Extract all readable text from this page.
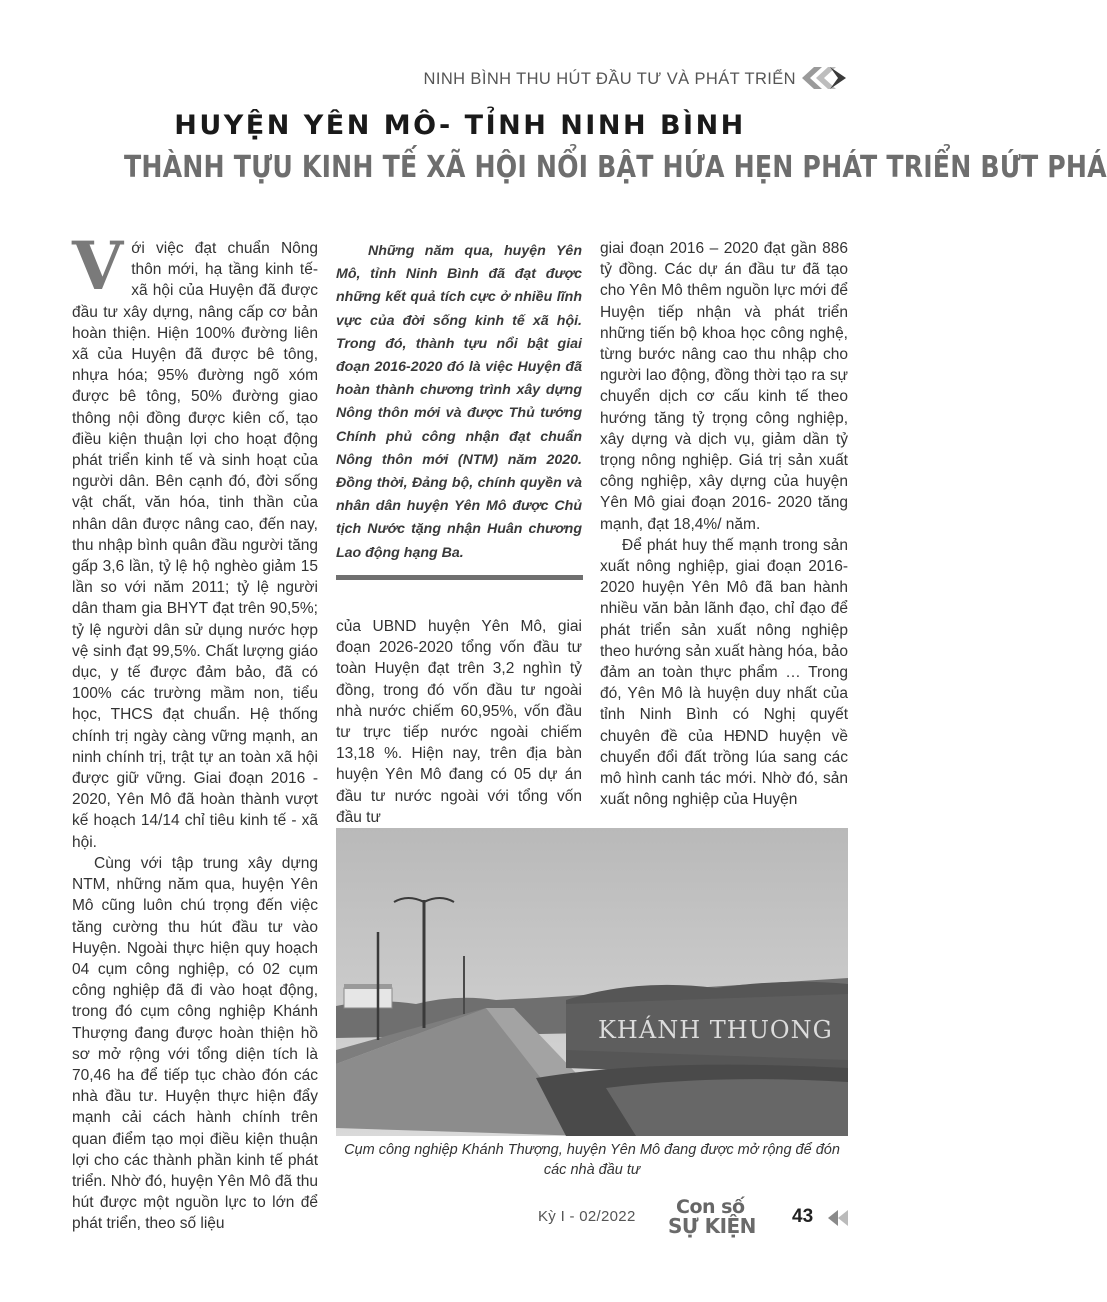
NINH BÌNH THU HÚT ĐẦU TƯ VÀ PHÁT TRIỂN
HUYỆN YÊN MÔ- TỈNH NINH BÌNH
THÀNH TỰU KINH TẾ XÃ HỘI NỔI BẬT HỨA HẸN PHÁT TRIỂN BỨT PHÁ

Với việc đạt chuẩn Nông thôn mới, hạ tầng kinh tế-xã hội của Huyện đã được đầu tư xây dựng, nâng cấp cơ bản hoàn thiện. Hiện 100% đường liên xã của Huyện đã được bê tông, nhựa hóa; 95% đường ngõ xóm được bê tông, 50% đường giao thông nội đồng được kiên cố, tạo điều kiện thuận lợi cho hoạt động phát triển kinh tế và sinh hoạt của người dân. Bên cạnh đó, đời sống vật chất, văn hóa, tinh thần của nhân dân được nâng cao, đến nay, thu nhập bình quân đầu người tăng gấp 3,6 lần, tỷ lệ hộ nghèo giảm 15 lần so với năm 2011; tỷ lệ người dân tham gia BHYT đạt trên 90,5%; tỷ lệ người dân sử dụng nước hợp vệ sinh đạt 99,5%. Chất lượng giáo dục, y tế được đảm bảo, đã có 100% các trường mầm non, tiểu học, THCS đạt chuẩn. Hệ thống chính trị ngày càng vững mạnh, an ninh chính trị, trật tự an toàn xã hội được giữ vững. Giai đoạn 2016 - 2020, Yên Mô đã hoàn thành vượt kế hoạch 14/14 chỉ tiêu kinh tế - xã hội.

Cùng với tập trung xây dựng NTM, những năm qua, huyện Yên Mô cũng luôn chú trọng đến việc tăng cường thu hút đầu tư vào Huyện. Ngoài thực hiện quy hoạch 04 cụm công nghiệp, có 02 cụm công nghiệp đã đi vào hoạt động, trong đó cụm công nghiệp Khánh Thượng đang được hoàn thiện hồ sơ mở rộng với tổng diện tích là 70,46 ha để tiếp tục chào đón các nhà đầu tư. Huyện thực hiện đẩy mạnh cải cách hành chính trên quan điểm tạo mọi điều kiện thuận lợi cho các thành phần kinh tế phát triển. Nhờ đó, huyện Yên Mô đã thu hút được một nguồn lực to lớn để phát triển, theo số liệu

Những năm qua, huyện Yên Mô, tỉnh Ninh Bình đã đạt được những kết quả tích cực ở nhiều lĩnh vực của đời sống kinh tế xã hội. Trong đó, thành tựu nổi bật giai đoạn 2016-2020 đó là việc Huyện đã hoàn thành chương trình xây dựng Nông thôn mới và được Thủ tướng Chính phủ công nhận đạt chuẩn Nông thôn mới (NTM) năm 2020. Đồng thời, Đảng bộ, chính quyền và nhân dân huyện Yên Mô được Chủ tịch Nước tặng nhận Huân chương Lao động hạng Ba.

của UBND huyện Yên Mô, giai đoạn 2026-2020 tổng vốn đầu tư toàn Huyện đạt trên 3,2 nghìn tỷ đồng, trong đó vốn đầu tư ngoài nhà nước chiếm 60,95%, vốn đầu tư trực tiếp nước ngoài chiếm 13,18 %. Hiện nay, trên địa bàn huyện Yên Mô đang có 05 dự án đầu tư nước ngoài với tổng vốn đầu tư

giai đoạn 2016 – 2020 đạt gần 886 tỷ đồng. Các dự án đầu tư đã tạo cho Yên Mô thêm nguồn lực mới để Huyện tiếp nhận và phát triển những tiến bộ khoa học công nghệ, từng bước nâng cao thu nhập cho người lao động, đồng thời tạo ra sự chuyển dịch cơ cấu kinh tế theo hướng tăng tỷ trọng công nghiệp, xây dựng và dịch vụ, giảm dần tỷ trọng nông nghiệp. Giá trị sản xuất công nghiệp, xây dựng của huyện Yên Mô giai đoạn 2016- 2020 tăng mạnh, đạt 18,4%/ năm.

Để phát huy thế mạnh trong sản xuất nông nghiệp, giai đoạn 2016- 2020 huyện Yên Mô đã ban hành nhiều văn bản lãnh đạo, chỉ đạo để phát triển sản xuất nông nghiệp theo hướng sản xuất hàng hóa, bảo đảm an toàn thực phẩm … Trong đó, Yên Mô là huyện duy nhất của tỉnh Ninh Bình có Nghị quyết chuyên đề của HĐND huyện về chuyển đổi đất trồng lúa sang các mô hình canh tác mới. Nhờ đó, sản xuất nông nghiệp của Huyện

KHÁNH THUONG
Cụm công nghiệp Khánh Thượng, huyện Yên Mô đang được mở rộng để đón các nhà đầu tư
Kỳ I - 02/2022 Con số
SỰ KIỆN 43
